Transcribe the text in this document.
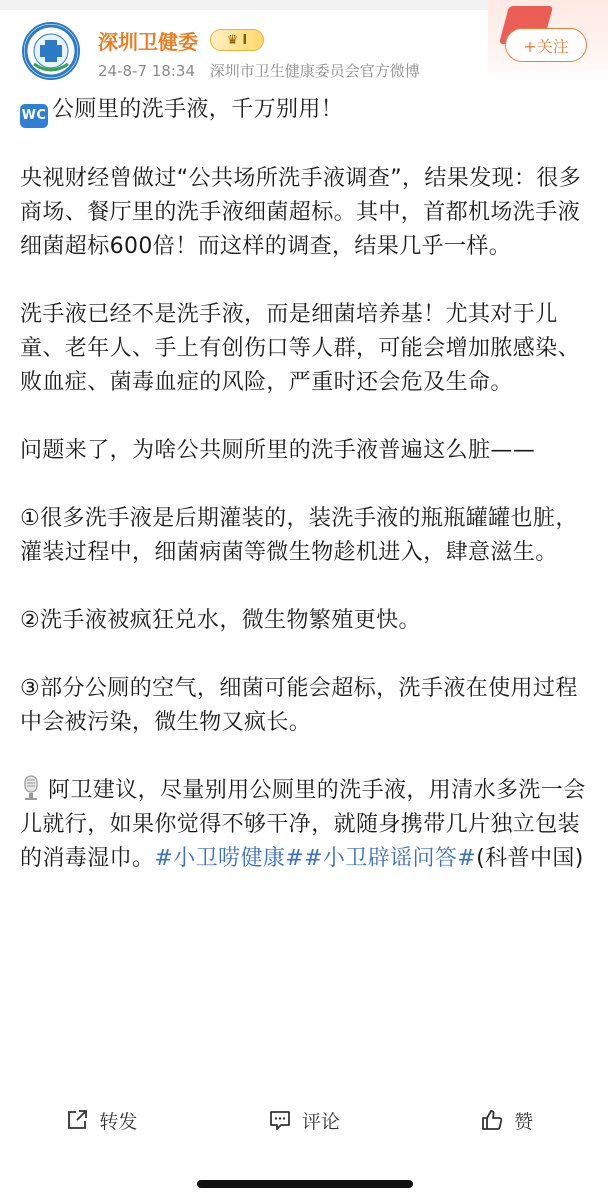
深圳卫健委 ♛ I
24-8-7 18:34 深圳市卫生健康委员会官方微博
+关注

WC 公厕里的洗手液，千万别用！

央视财经曾做过“公共场所洗手液调查”，结果发现：很多商场、餐厅里的洗手液细菌超标。其中，首都机场洗手液细菌超标600倍！而这样的调查，结果几乎一样。

洗手液已经不是洗手液，而是细菌培养基！尤其对于儿童、老年人、手上有创伤口等人群，可能会增加脓感染、败血症、菌毒血症的风险，严重时还会危及生命。

问题来了，为啥公共厕所里的洗手液普遍这么脏——

①很多洗手液是后期灌装的，装洗手液的瓶瓶罐罐也脏，灌装过程中，细菌病菌等微生物趁机进入，肆意滋生。

②洗手液被疯狂兑水，微生物繁殖更快。

③部分公厕的空气，细菌可能会超标，洗手液在使用过程中会被污染，微生物又疯长。

阿卫建议，尽量别用公厕里的洗手液，用清水多洗一会儿就行，如果你觉得不够干净，就随身携带几片独立包装的消毒湿巾。#小卫唠健康##小卫辟谣问答#(科普中国)

转发	评论	赞
